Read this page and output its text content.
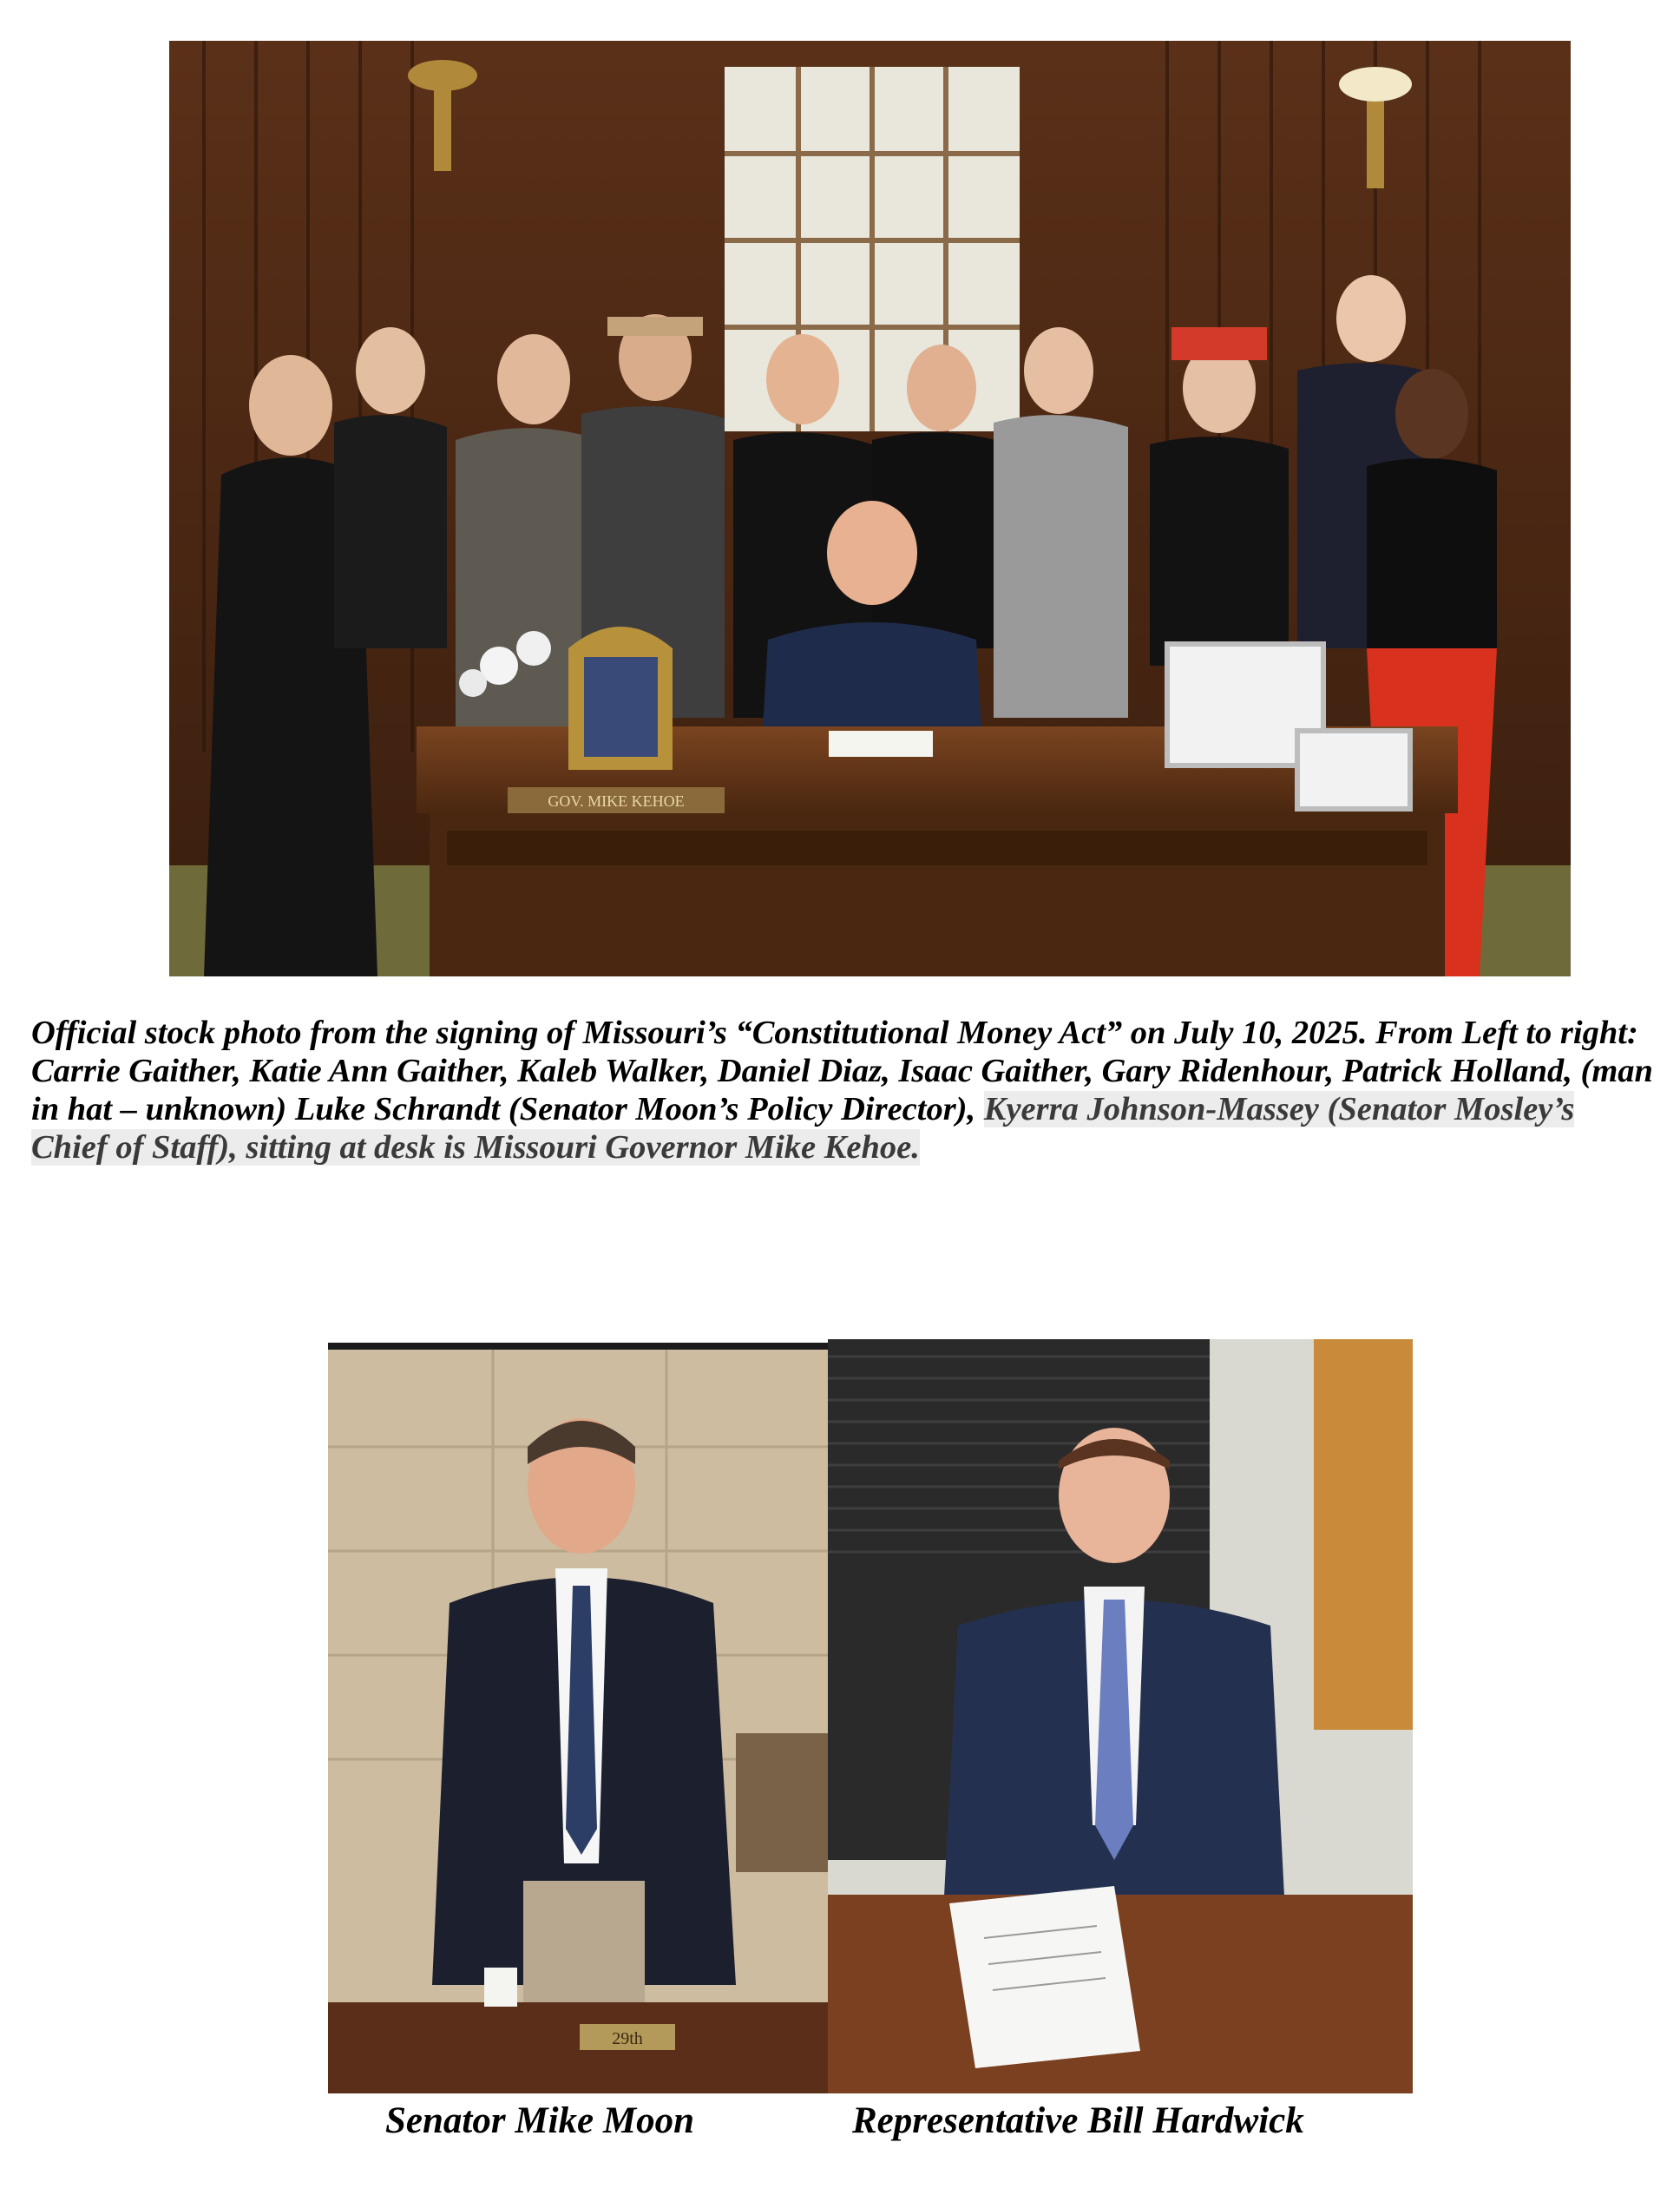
GOV. MIKE KEHOE
Official stock photo from the signing of Missouri’s “Constitutional Money Act” on July 10, 2025. From Left to right: Carrie Gaither, Katie Ann Gaither, Kaleb Walker, Daniel Diaz, Isaac Gaither, Gary Ridenhour, Patrick Holland, (man in hat – unknown) Luke Schrandt (Senator Moon’s Policy Director), Kyerra Johnson-Massey (Senator Mosley’s Chief of Staff), sitting at desk is Missouri Governor Mike Kehoe.
29th
Senator Mike Moon	Representative Bill Hardwick
